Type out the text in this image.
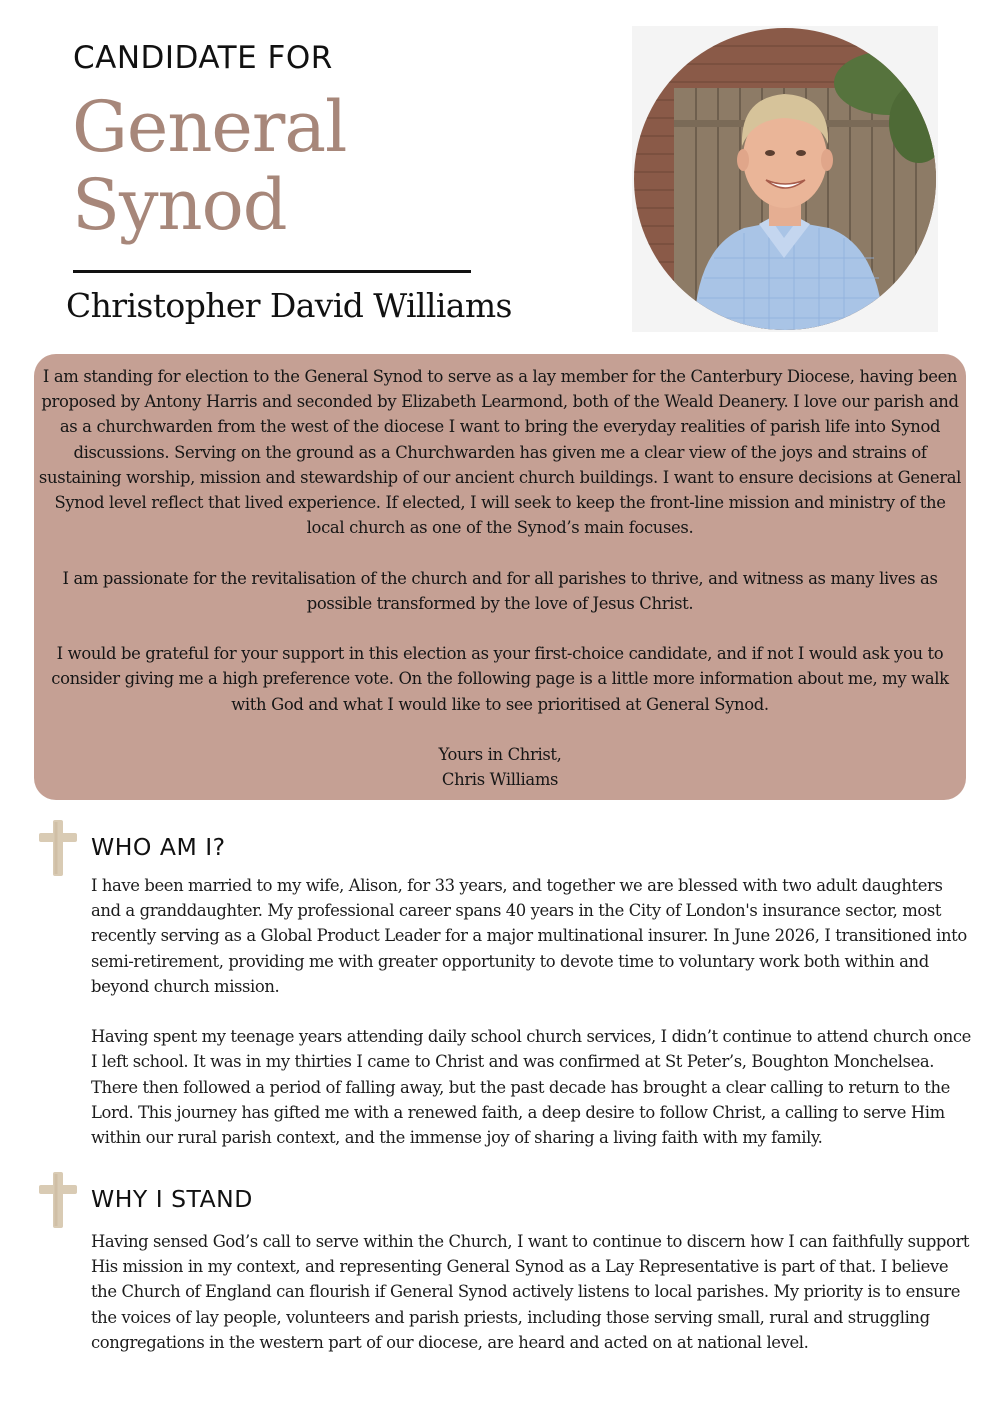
CANDIDATE FOR
General
Synod
Christopher David Williams

I am standing for election to the General Synod to serve as a lay member for the Canterbury Diocese, having been proposed by Antony Harris and seconded by Elizabeth Learmond, both of the Weald Deanery. I love our parish and as a churchwarden from the west of the diocese I want to bring the everyday realities of parish life into Synod discussions. Serving on the ground as a Churchwarden has given me a clear view of the joys and strains of sustaining worship, mission and stewardship of our ancient church buildings. I want to ensure decisions at General Synod level reflect that lived experience. If elected, I will seek to keep the front-line mission and ministry of the local church as one of the Synod’s main focuses.

I am passionate for the revitalisation of the church and for all parishes to thrive, and witness as many lives as possible transformed by the love of Jesus Christ.

I would be grateful for your support in this election as your first-choice candidate, and if not I would ask you to consider giving me a high preference vote. On the following page is a little more information about me, my walk with God and what I would like to see prioritised at General Synod.

Yours in Christ,

Chris Williams

WHO AM I?

I have been married to my wife, Alison, for 33 years, and together we are blessed with two adult daughters and a granddaughter. My professional career spans 40 years in the City of London's insurance sector, most recently serving as a Global Product Leader for a major multinational insurer. In June 2026, I transitioned into semi-retirement, providing me with greater opportunity to devote time to voluntary work both within and beyond church mission.

Having spent my teenage years attending daily school church services, I didn’t continue to attend church once I left school. It was in my thirties I came to Christ and was confirmed at St Peter’s, Boughton Monchelsea. There then followed a period of falling away, but the past decade has brought a clear calling to return to the Lord. This journey has gifted me with a renewed faith, a deep desire to follow Christ, a calling to serve Him within our rural parish context, and the immense joy of sharing a living faith with my family.

WHY I STAND

Having sensed God’s call to serve within the Church, I want to continue to discern how I can faithfully support His mission in my context, and representing General Synod as a Lay Representative is part of that. I believe the Church of England can flourish if General Synod actively listens to local parishes. My priority is to ensure the voices of lay people, volunteers and parish priests, including those serving small, rural and struggling congregations in the western part of our diocese, are heard and acted on at national level.
